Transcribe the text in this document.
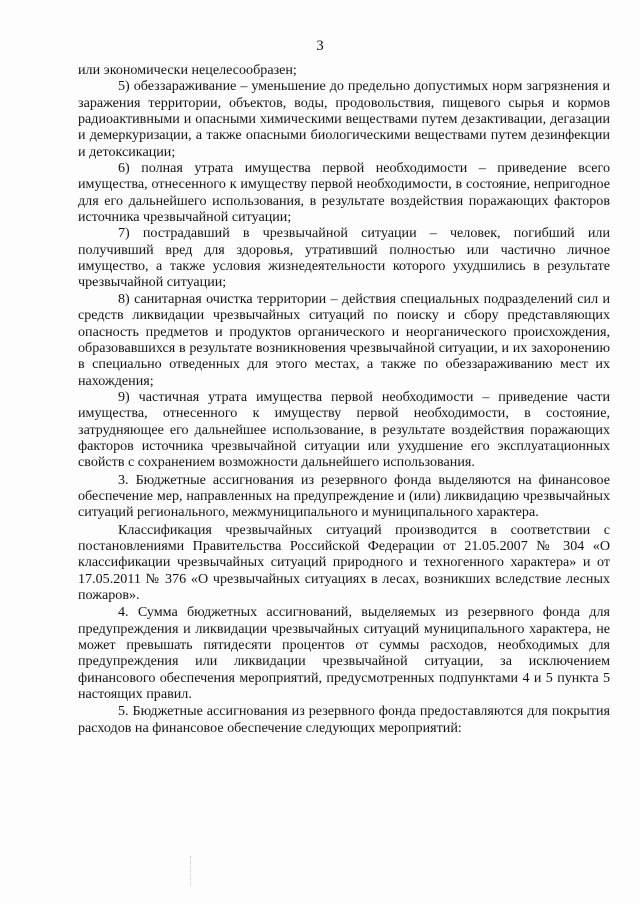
3

или экономически нецелесообразен;

5) обеззараживание – уменьшение до предельно допустимых норм загрязнения и заражения территории, объектов, воды, продовольствия, пищевого сырья и кормов радиоактивными и опасными химическими веществами путем дезактивации, дегазации и демеркуризации, а также опасными биологическими веществами путем дезинфекции и детоксикации;

6) полная утрата имущества первой необходимости – приведение всего имущества, отнесенного к имуществу первой необходимости, в состояние, непригодное для его дальнейшего использования, в результате воздействия поражающих факторов источника чрезвычайной ситуации;

7) пострадавший в чрезвычайной ситуации – человек, погибший или получивший вред для здоровья, утративший полностью или частично личное имущество, а также условия жизнедеятельности которого ухудшились в результате чрезвычайной ситуации;

8) санитарная очистка территории – действия специальных подразделений сил и средств ликвидации чрезвычайных ситуаций по поиску и сбору представляющих опасность предметов и продуктов органического и неорганического происхождения, образовавшихся в результате возникновения чрезвычайной ситуации, и их захоронению в специально отведенных для этого местах, а также по обеззараживанию мест их нахождения;

9) частичная утрата имущества первой необходимости – приведение части имущества, отнесенного к имуществу первой необходимости, в состояние, затрудняющее его дальнейшее использование, в результате воздействия поражающих факторов источника чрезвычайной ситуации или ухудшение его эксплуатационных свойств с сохранением возможности дальнейшего использования.

3. Бюджетные ассигнования из резервного фонда выделяются на финансовое обеспечение мер, направленных на предупреждение и (или) ликвидацию чрезвычайных ситуаций регионального, межмуниципального и муниципального характера.

Классификация чрезвычайных ситуаций производится в соответствии с постановлениями Правительства Российской Федерации от 21.05.2007 № 304 «О классификации чрезвычайных ситуаций природного и техногенного характера» и от 17.05.2011 № 376 «О чрезвычайных ситуациях в лесах, возникших вследствие лесных пожаров».

4. Сумма бюджетных ассигнований, выделяемых из резервного фонда для предупреждения и ликвидации чрезвычайных ситуаций муниципального характера, не может превышать пятидесяти процентов от суммы расходов, необходимых для предупреждения или ликвидации чрезвычайной ситуации, за исключением финансового обеспечения мероприятий, предусмотренных подпунктами 4 и 5 пункта 5 настоящих правил.

5. Бюджетные ассигнования из резервного фонда предоставляются для покрытия расходов на финансовое обеспечение следующих мероприятий:
